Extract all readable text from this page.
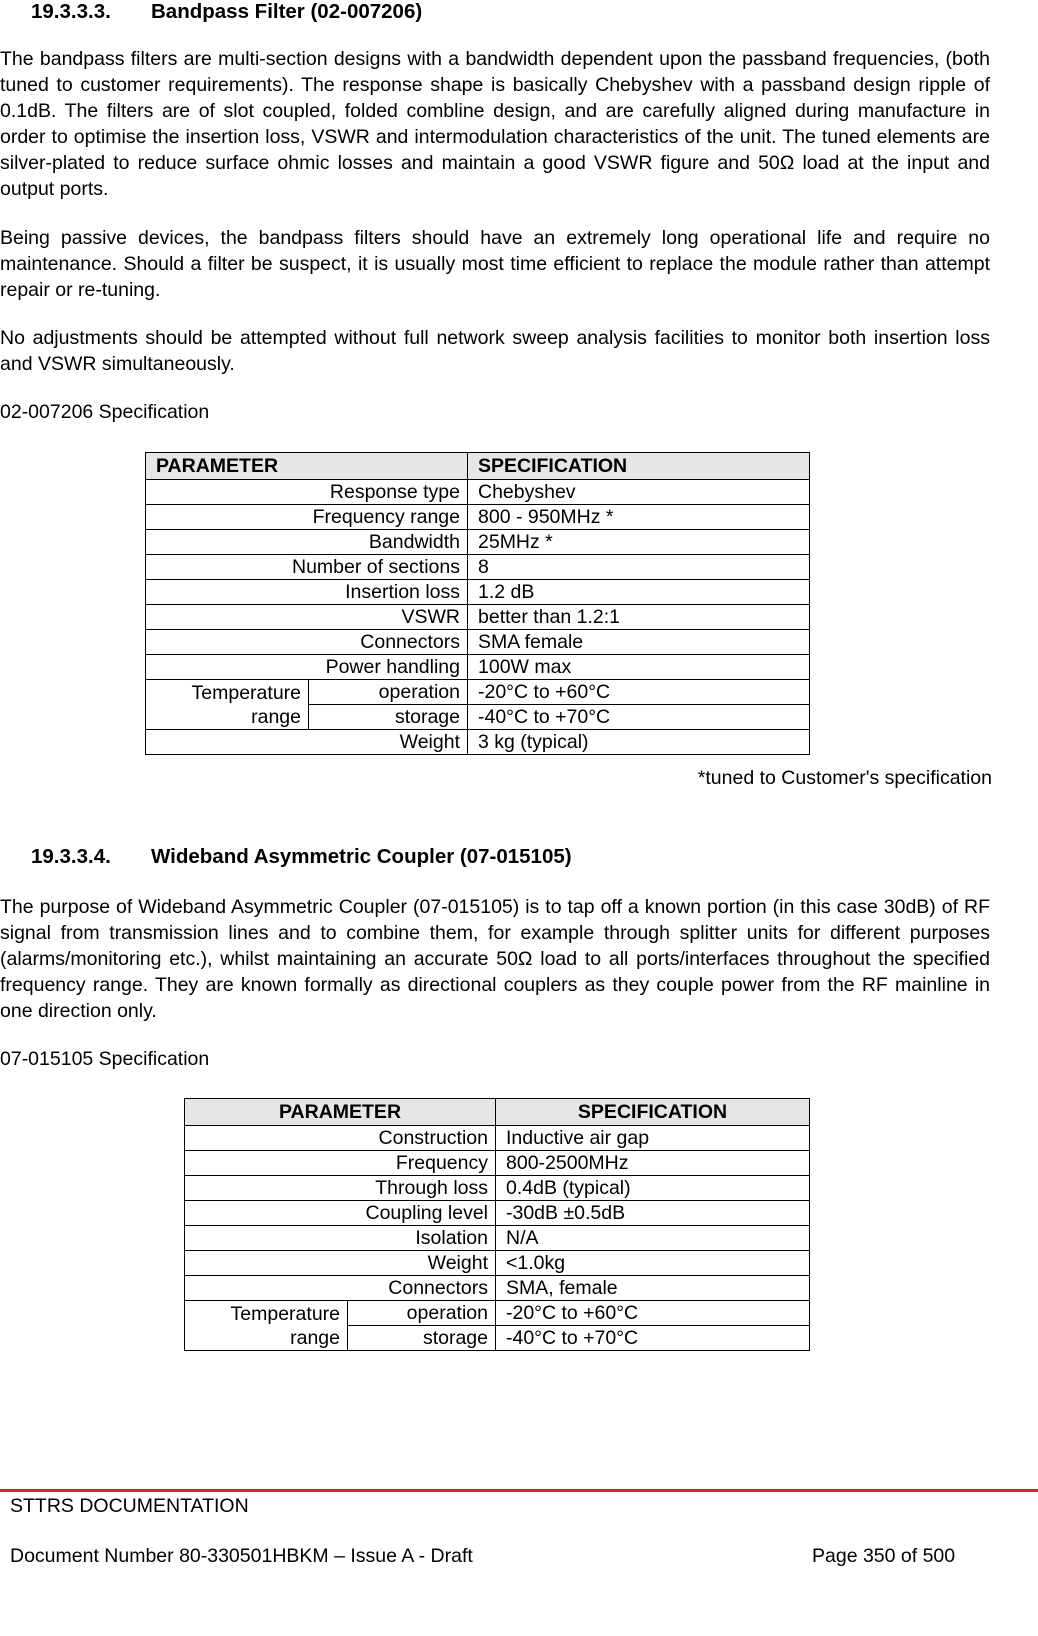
19.3.3.3. Bandpass Filter (02-007206)

The bandpass filters are multi-section designs with a bandwidth dependent upon the passband frequencies, (both tuned to customer requirements). The response shape is basically Chebyshev with a passband design ripple of 0.1dB. The filters are of slot coupled, folded combline design, and are carefully aligned during manufacture in order to optimise the insertion loss, VSWR and intermodulation characteristics of the unit. The tuned elements are silver-plated to reduce surface ohmic losses and maintain a good VSWR figure and 50Ω load at the input and output ports.

Being passive devices, the bandpass filters should have an extremely long operational life and require no maintenance. Should a filter be suspect, it is usually most time efficient to replace the module rather than attempt repair or re-tuning.

No adjustments should be attempted without full network sweep analysis facilities to monitor both insertion loss and VSWR simultaneously.

02-007206 Specification
PARAMETER		SPECIFICATION
Response type		Chebyshev
Frequency range		800 - 950MHz *
Bandwidth		25MHz *
Number of sections		8
Insertion loss		1.2 dB
VSWR		better than 1.2:1
Connectors		SMA female
Power handling		100W max

Temperature
range	operation	-20°C to +60°C
	storage	-40°C to +70°C
Weight		3 kg (typical)
*tuned to Customer's specification
19.3.3.4. Wideband Asymmetric Coupler (07-015105)

The purpose of Wideband Asymmetric Coupler (07-015105) is to tap off a known portion (in this case 30dB) of RF signal from transmission lines and to combine them, for example through splitter units for different purposes (alarms/monitoring etc.), whilst maintaining an accurate 50Ω load to all ports/interfaces throughout the specified frequency range. They are known formally as directional couplers as they couple power from the RF mainline in one direction only.

07-015105 Specification
PARAMETER		SPECIFICATION
Construction		Inductive air gap
Frequency		800-2500MHz
Through loss		0.4dB (typical)
Coupling level		-30dB ±0.5dB
Isolation		N/A
Weight		<1.0kg
Connectors		SMA, female

Temperature
range	operation	-20°C to +60°C
	storage	-40°C to +70°C
STTRS DOCUMENTATION
Document Number 80-330501HBKM – Issue A - Draft	Page 350 of 500
